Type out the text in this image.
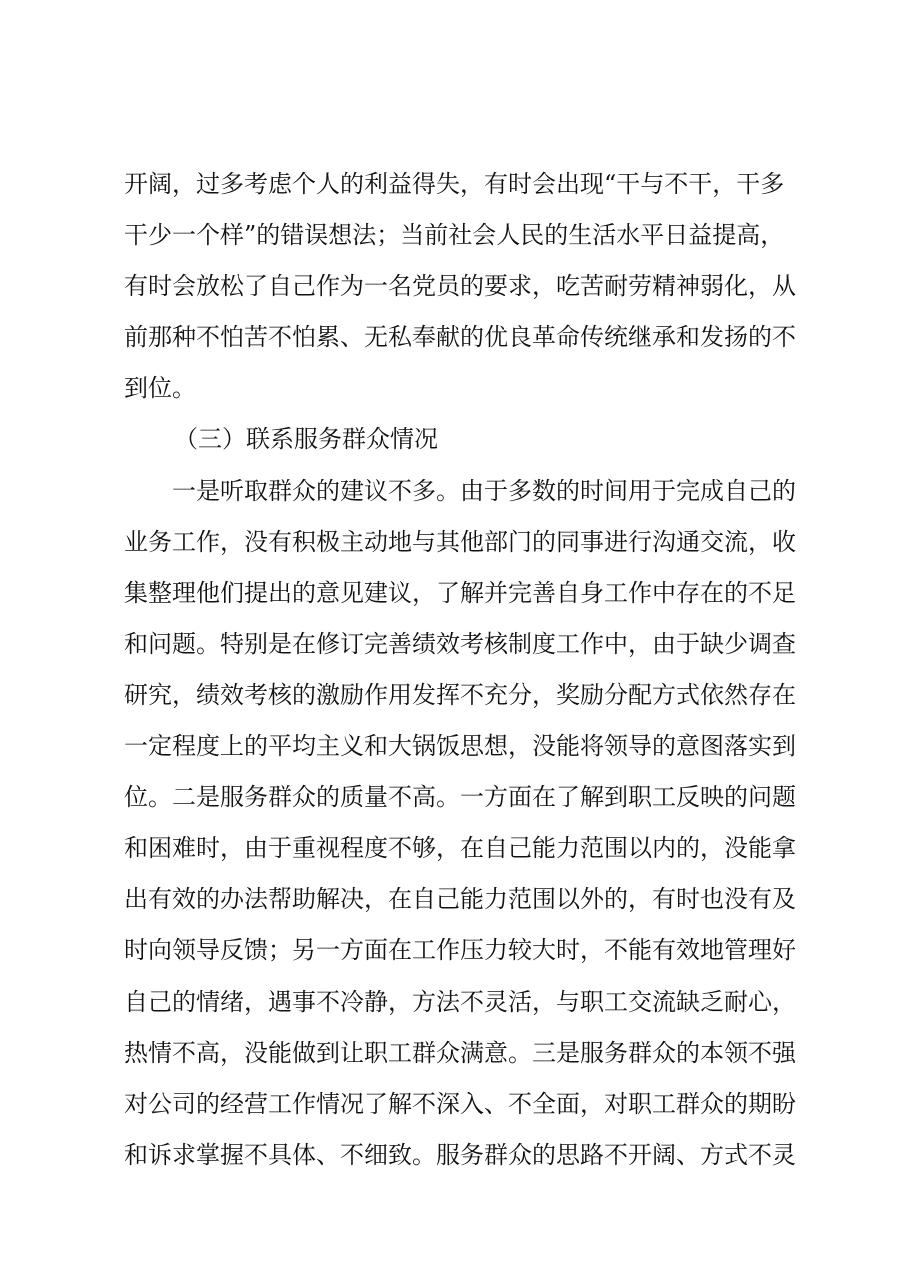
开阔，过多考虑个人的利益得失，有时会出现“干与不干，干多
干少一个样”的错误想法；当前社会人民的生活水平日益提高，
有时会放松了自己作为一名党员的要求，吃苦耐劳精神弱化，从
前那种不怕苦不怕累、无私奉献的优良革命传统继承和发扬的不
到位。
（三）联系服务群众情况
一是听取群众的建议不多。由于多数的时间用于完成自己的
业务工作，没有积极主动地与其他部门的同事进行沟通交流，收
集整理他们提出的意见建议，了解并完善自身工作中存在的不足
和问题。特别是在修订完善绩效考核制度工作中，由于缺少调查
研究，绩效考核的激励作用发挥不充分，奖励分配方式依然存在
一定程度上的平均主义和大锅饭思想，没能将领导的意图落实到
位。二是服务群众的质量不高。一方面在了解到职工反映的问题
和困难时，由于重视程度不够，在自己能力范围以内的，没能拿
出有效的办法帮助解决，在自己能力范围以外的，有时也没有及
时向领导反馈；另一方面在工作压力较大时，不能有效地管理好
自己的情绪，遇事不冷静，方法不灵活，与职工交流缺乏耐心，
热情不高，没能做到让职工群众满意。三是服务群众的本领不强
对公司的经营工作情况了解不深入、不全面，对职工群众的期盼
和诉求掌握不具体、不细致。服务群众的思路不开阔、方式不灵
